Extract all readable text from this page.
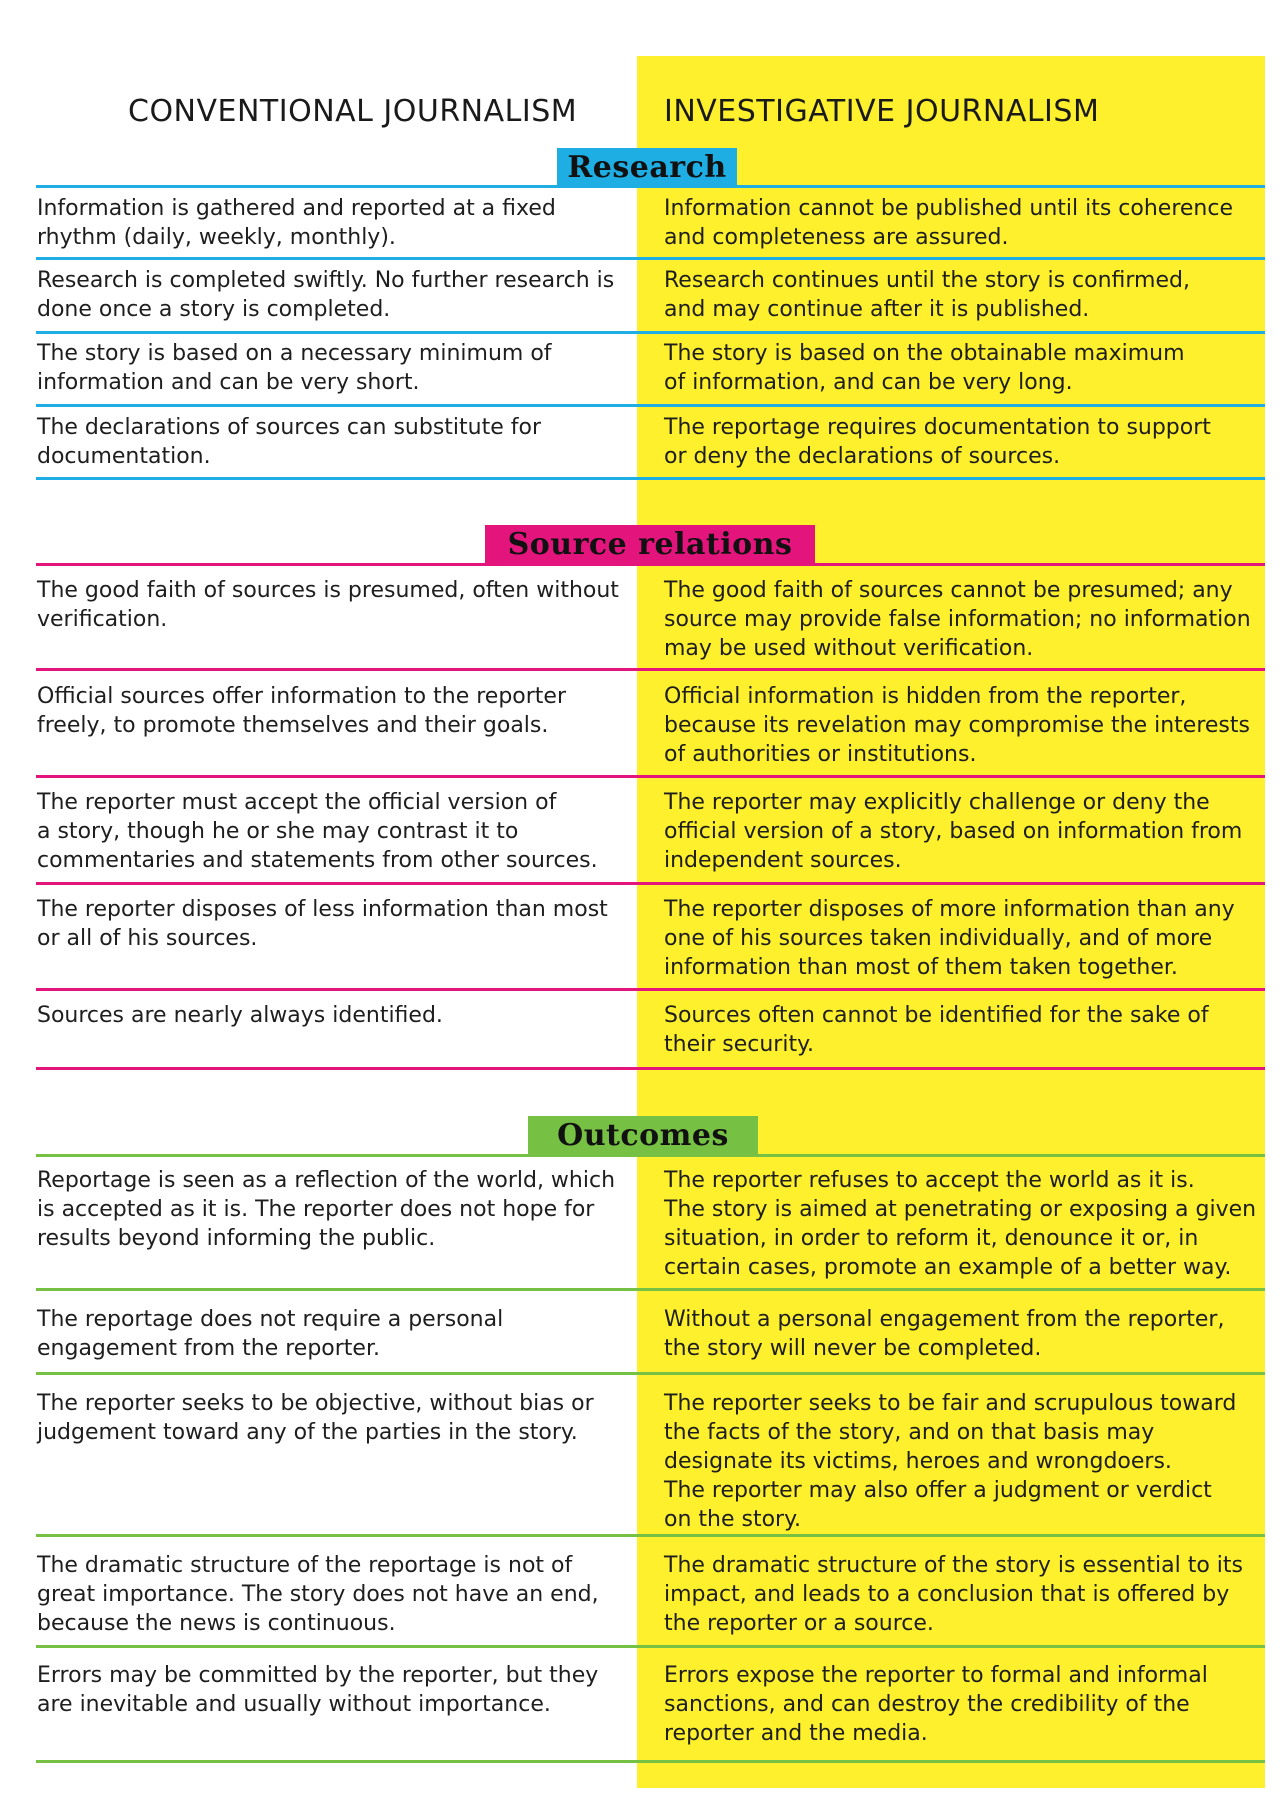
CONVENTIONAL JOURNALISM	INVESTIGATIVE JOURNALISM
Research
Information is gathered and reported at a fixed
rhythm (daily, weekly, monthly).
Information cannot be published until its coherence
and completeness are assured.
Research is completed swiftly. No further research is
done once a story is completed.
Research continues until the story is confirmed,
and may continue after it is published.
The story is based on a necessary minimum of
information and can be very short.
The story is based on the obtainable maximum
of information, and can be very long.
The declarations of sources can substitute for
documentation.
The reportage requires documentation to support
or deny the declarations of sources.
Source relations
The good faith of sources is presumed, often without
verification.
The good faith of sources cannot be presumed; any
source may provide false information; no information
may be used without verification.
Official sources offer information to the reporter
freely, to promote themselves and their goals.
Official information is hidden from the reporter,
because its revelation may compromise the interests
of authorities or institutions.
The reporter must accept the official version of
a story, though he or she may contrast it to
commentaries and statements from other sources.
The reporter may explicitly challenge or deny the
official version of a story, based on information from
independent sources.
The reporter disposes of less information than most
or all of his sources.
The reporter disposes of more information than any
one of his sources taken individually, and of more
information than most of them taken together.
Sources are nearly always identified.	Sources often cannot be identified for the sake of
their security.
Outcomes
Reportage is seen as a reflection of the world, which
is accepted as it is. The reporter does not hope for
results beyond informing the public.
The reporter refuses to accept the world as it is.
The story is aimed at penetrating or exposing a given
situation, in order to reform it, denounce it or, in
certain cases, promote an example of a better way.
The reportage does not require a personal
engagement from the reporter.
Without a personal engagement from the reporter,
the story will never be completed.
The reporter seeks to be objective, without bias or
judgement toward any of the parties in the story.
The reporter seeks to be fair and scrupulous toward
the facts of the story, and on that basis may
designate its victims, heroes and wrongdoers.
The reporter may also offer a judgment or verdict
on the story.
The dramatic structure of the reportage is not of
great importance. The story does not have an end,
because the news is continuous.
The dramatic structure of the story is essential to its
impact, and leads to a conclusion that is offered by
the reporter or a source.
Errors may be committed by the reporter, but they
are inevitable and usually without importance.
Errors expose the reporter to formal and informal
sanctions, and can destroy the credibility of the
reporter and the media.
